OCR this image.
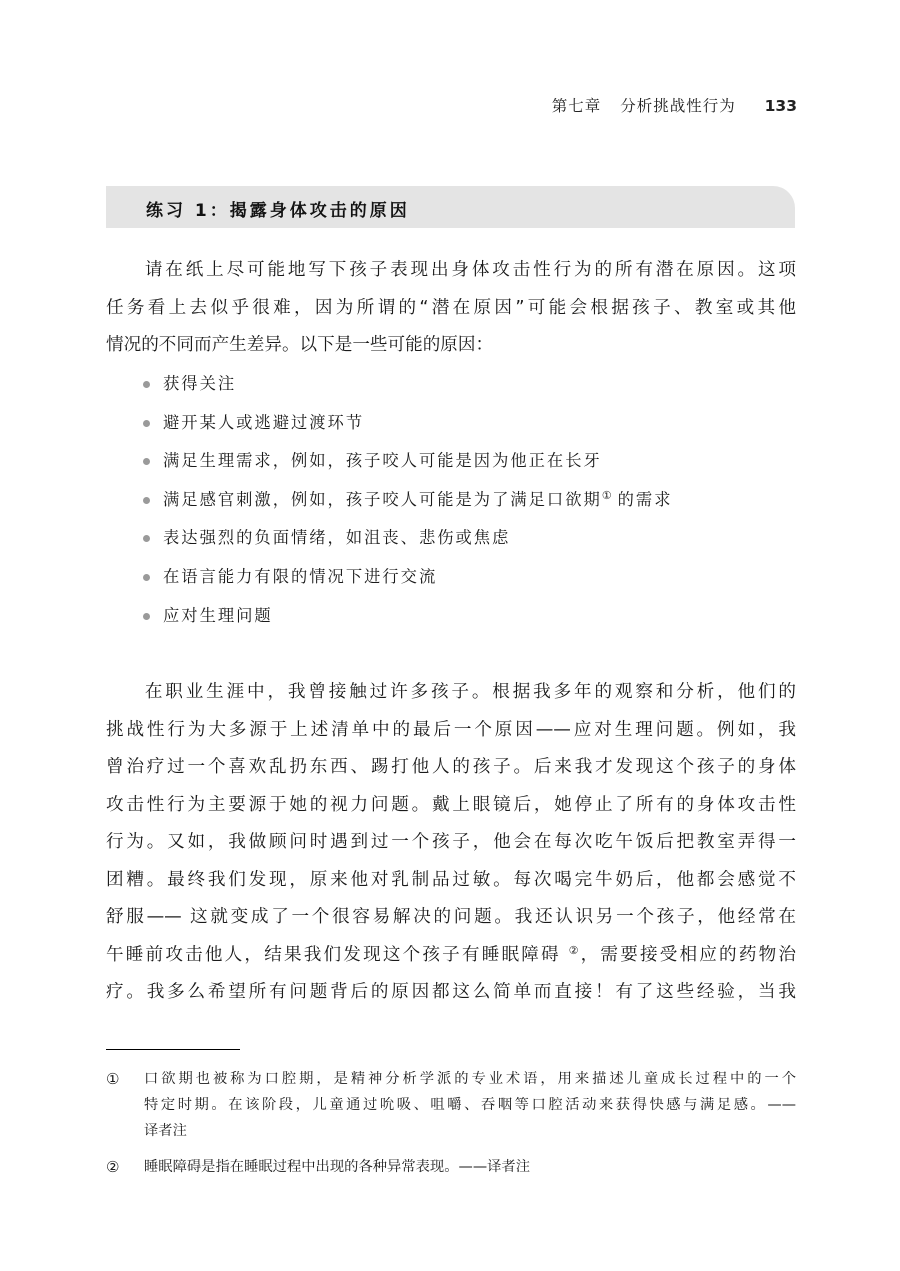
第七章 分析挑战性行为 133
练习 1：揭露身体攻击的原因

请在纸上尽可能地写下孩子表现出身体攻击性行为的所有潜在原因。这项
任务看上去似乎很难，因为所谓的“潜在原因”可能会根据孩子、教室或其他
情况的不同而产生差异。以下是一些可能的原因：

获得关注
避开某人或逃避过渡环节
满足生理需求，例如，孩子咬人可能是因为他正在长牙
满足感官刺激，例如，孩子咬人可能是为了满足口欲期① 的需求
表达强烈的负面情绪，如沮丧、悲伤或焦虑
在语言能力有限的情况下进行交流
应对生理问题

在职业生涯中，我曾接触过许多孩子。根据我多年的观察和分析，他们的
挑战性行为大多源于上述清单中的最后一个原因——应对生理问题。例如，我
曾治疗过一个喜欢乱扔东西、踢打他人的孩子。后来我才发现这个孩子的身体
攻击性行为主要源于她的视力问题。戴上眼镜后，她停止了所有的身体攻击性
行为。又如，我做顾问时遇到过一个孩子，他会在每次吃午饭后把教室弄得一
团糟。最终我们发现，原来他对乳制品过敏。每次喝完牛奶后，他都会感觉不
舒服—— 这就变成了一个很容易解决的问题。我还认识另一个孩子，他经常在
午睡前攻击他人，结果我们发现这个孩子有睡眠障碍 ②，需要接受相应的药物治
疗。我多么希望所有问题背后的原因都这么简单而直接！有了这些经验，当我

① 口欲期也被称为口腔期，是精神分析学派的专业术语，用来描述儿童成长过程中的一个
特定时期。在该阶段，儿童通过吮吸、咀嚼、吞咽等口腔活动来获得快感与满足感。——
译者注
② 睡眠障碍是指在睡眠过程中出现的各种异常表现。——译者注
